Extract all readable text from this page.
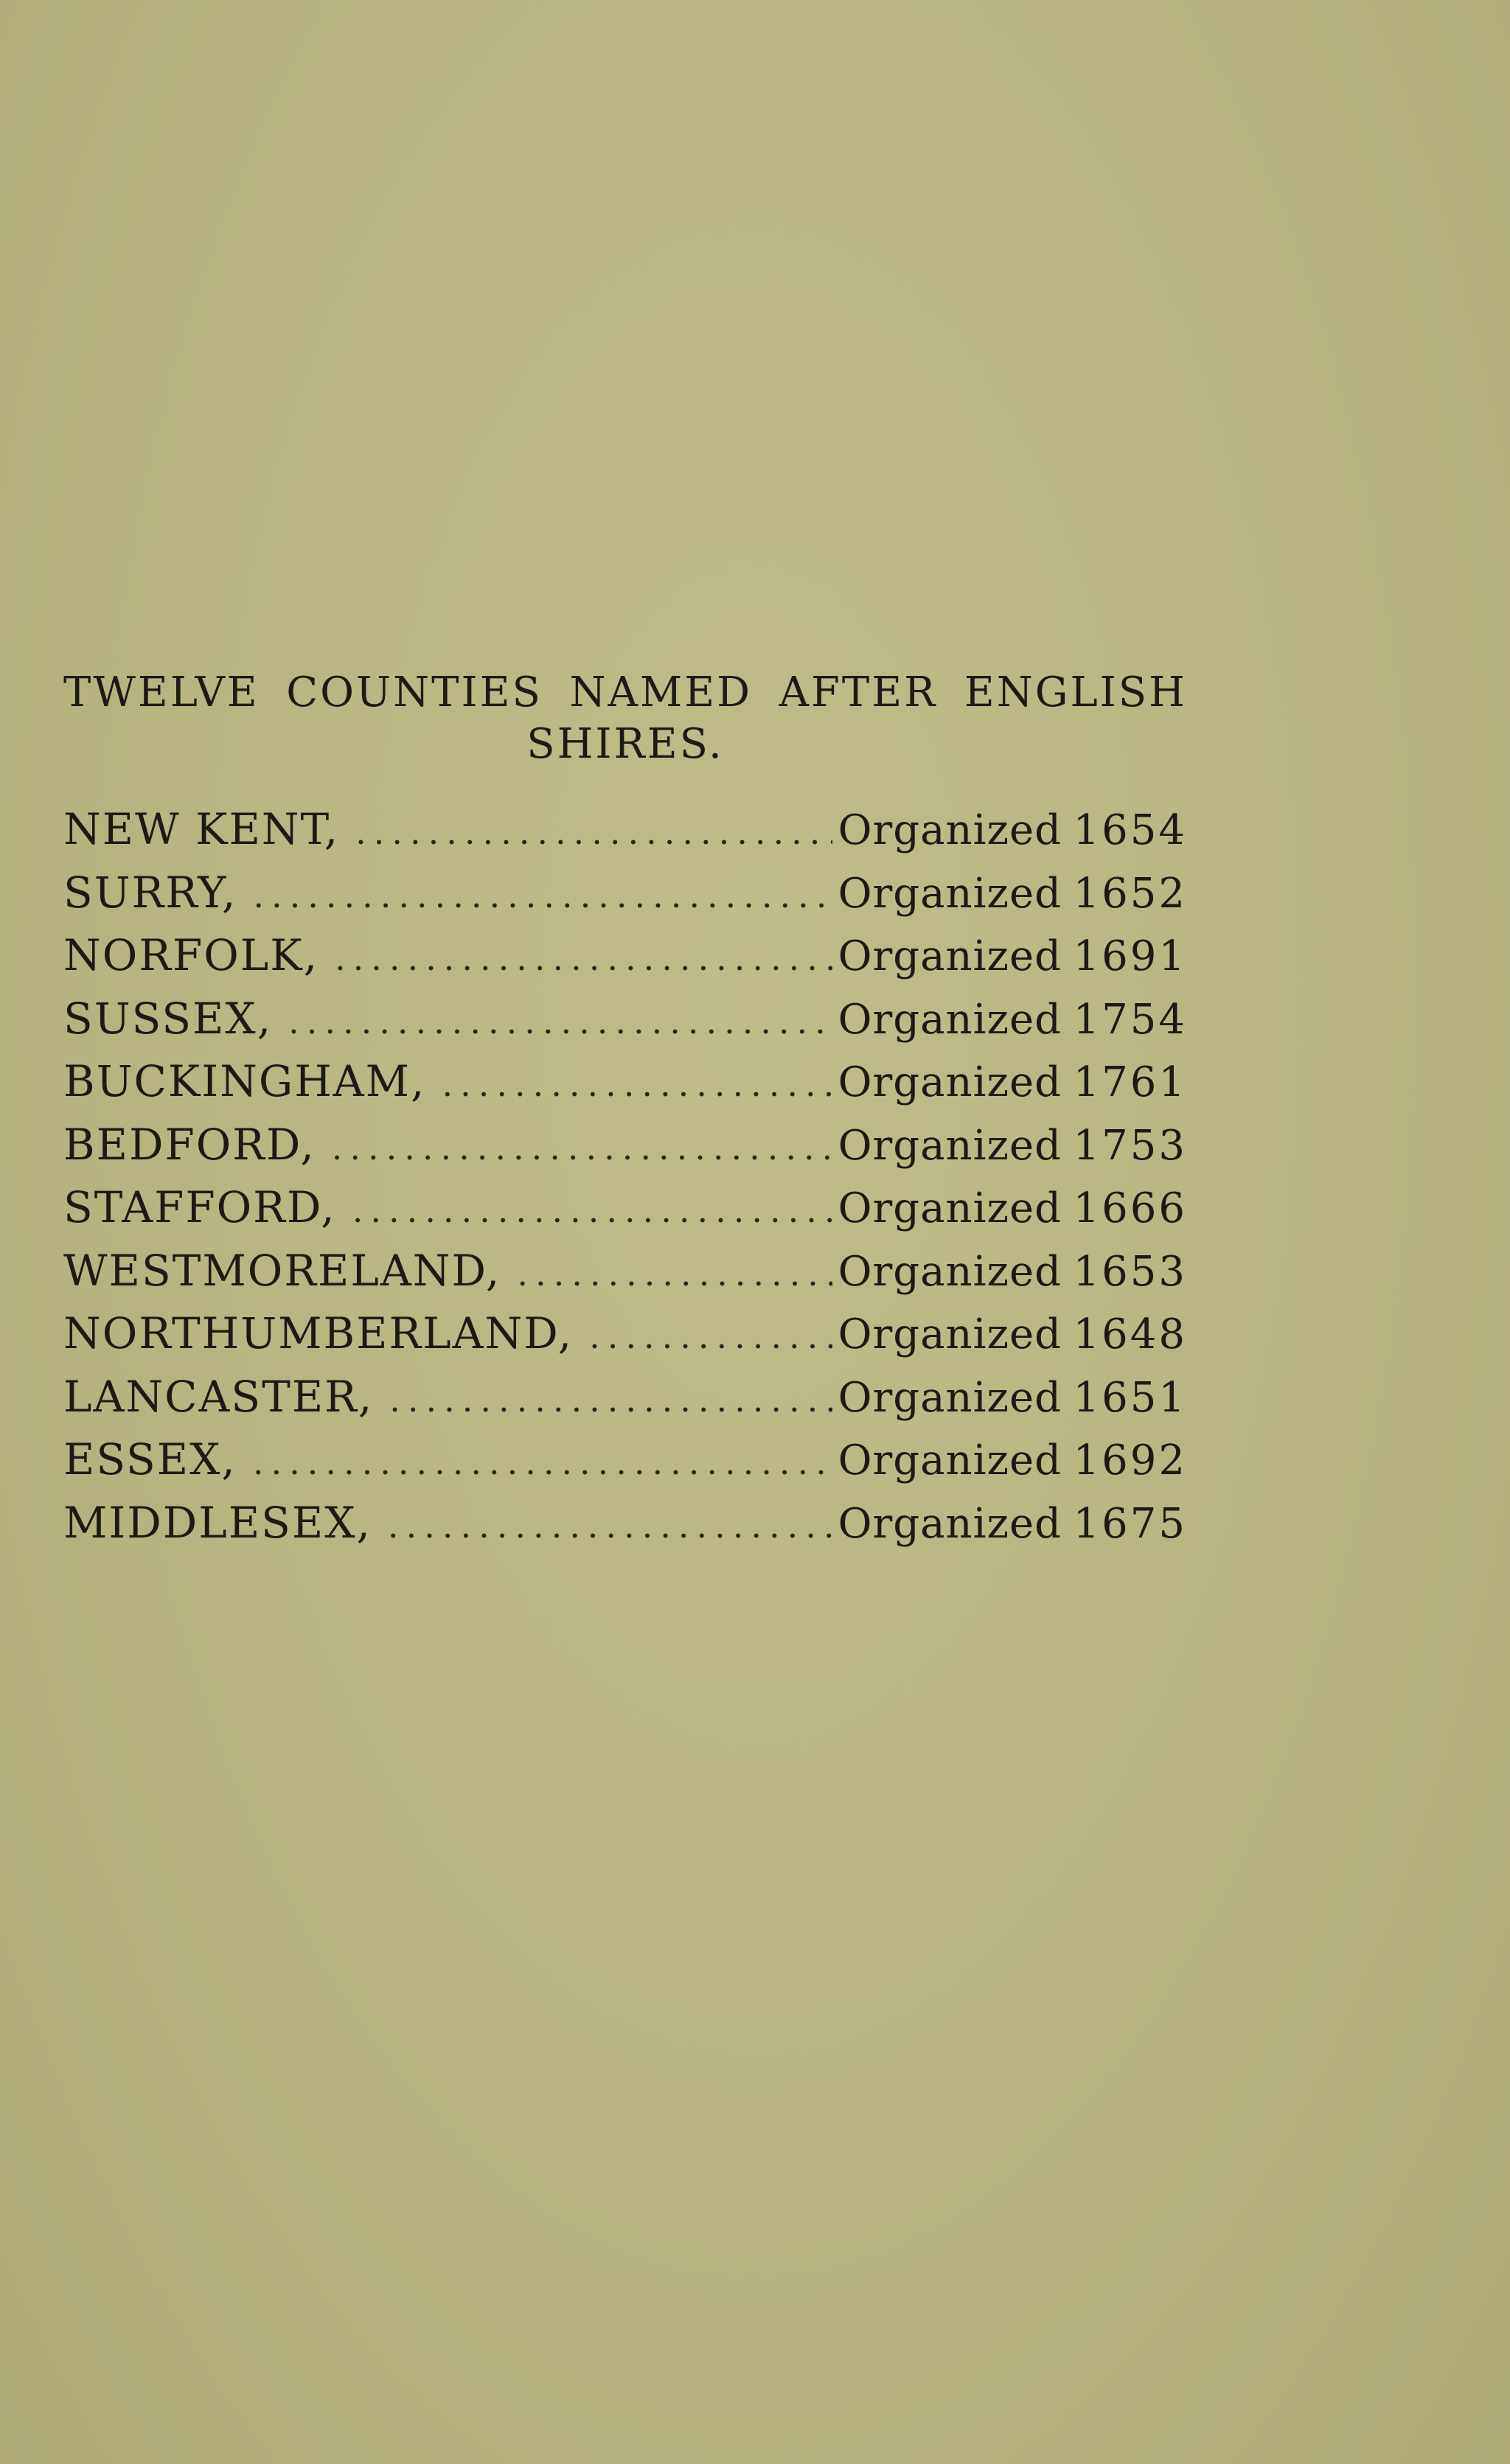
TWELVE COUNTIES NAMED AFTER ENGLISH
SHIRES.
NEW KENT, .....	Organized 1654
SURRY, .....	Organized 1652
NORFOLK, .....	Organized 1691
SUSSEX, .....	Organized 1754
BUCKINGHAM, .....	Organized 1761
BEDFORD, .....	Organized 1753
STAFFORD, .....	Organized 1666
WESTMORELAND, .....	Organized 1653
NORTHUMBERLAND, .....	Organized 1648
LANCASTER, .....	Organized 1651
ESSEX, .....	Organized 1692
MIDDLESEX, .....	Organized 1675
